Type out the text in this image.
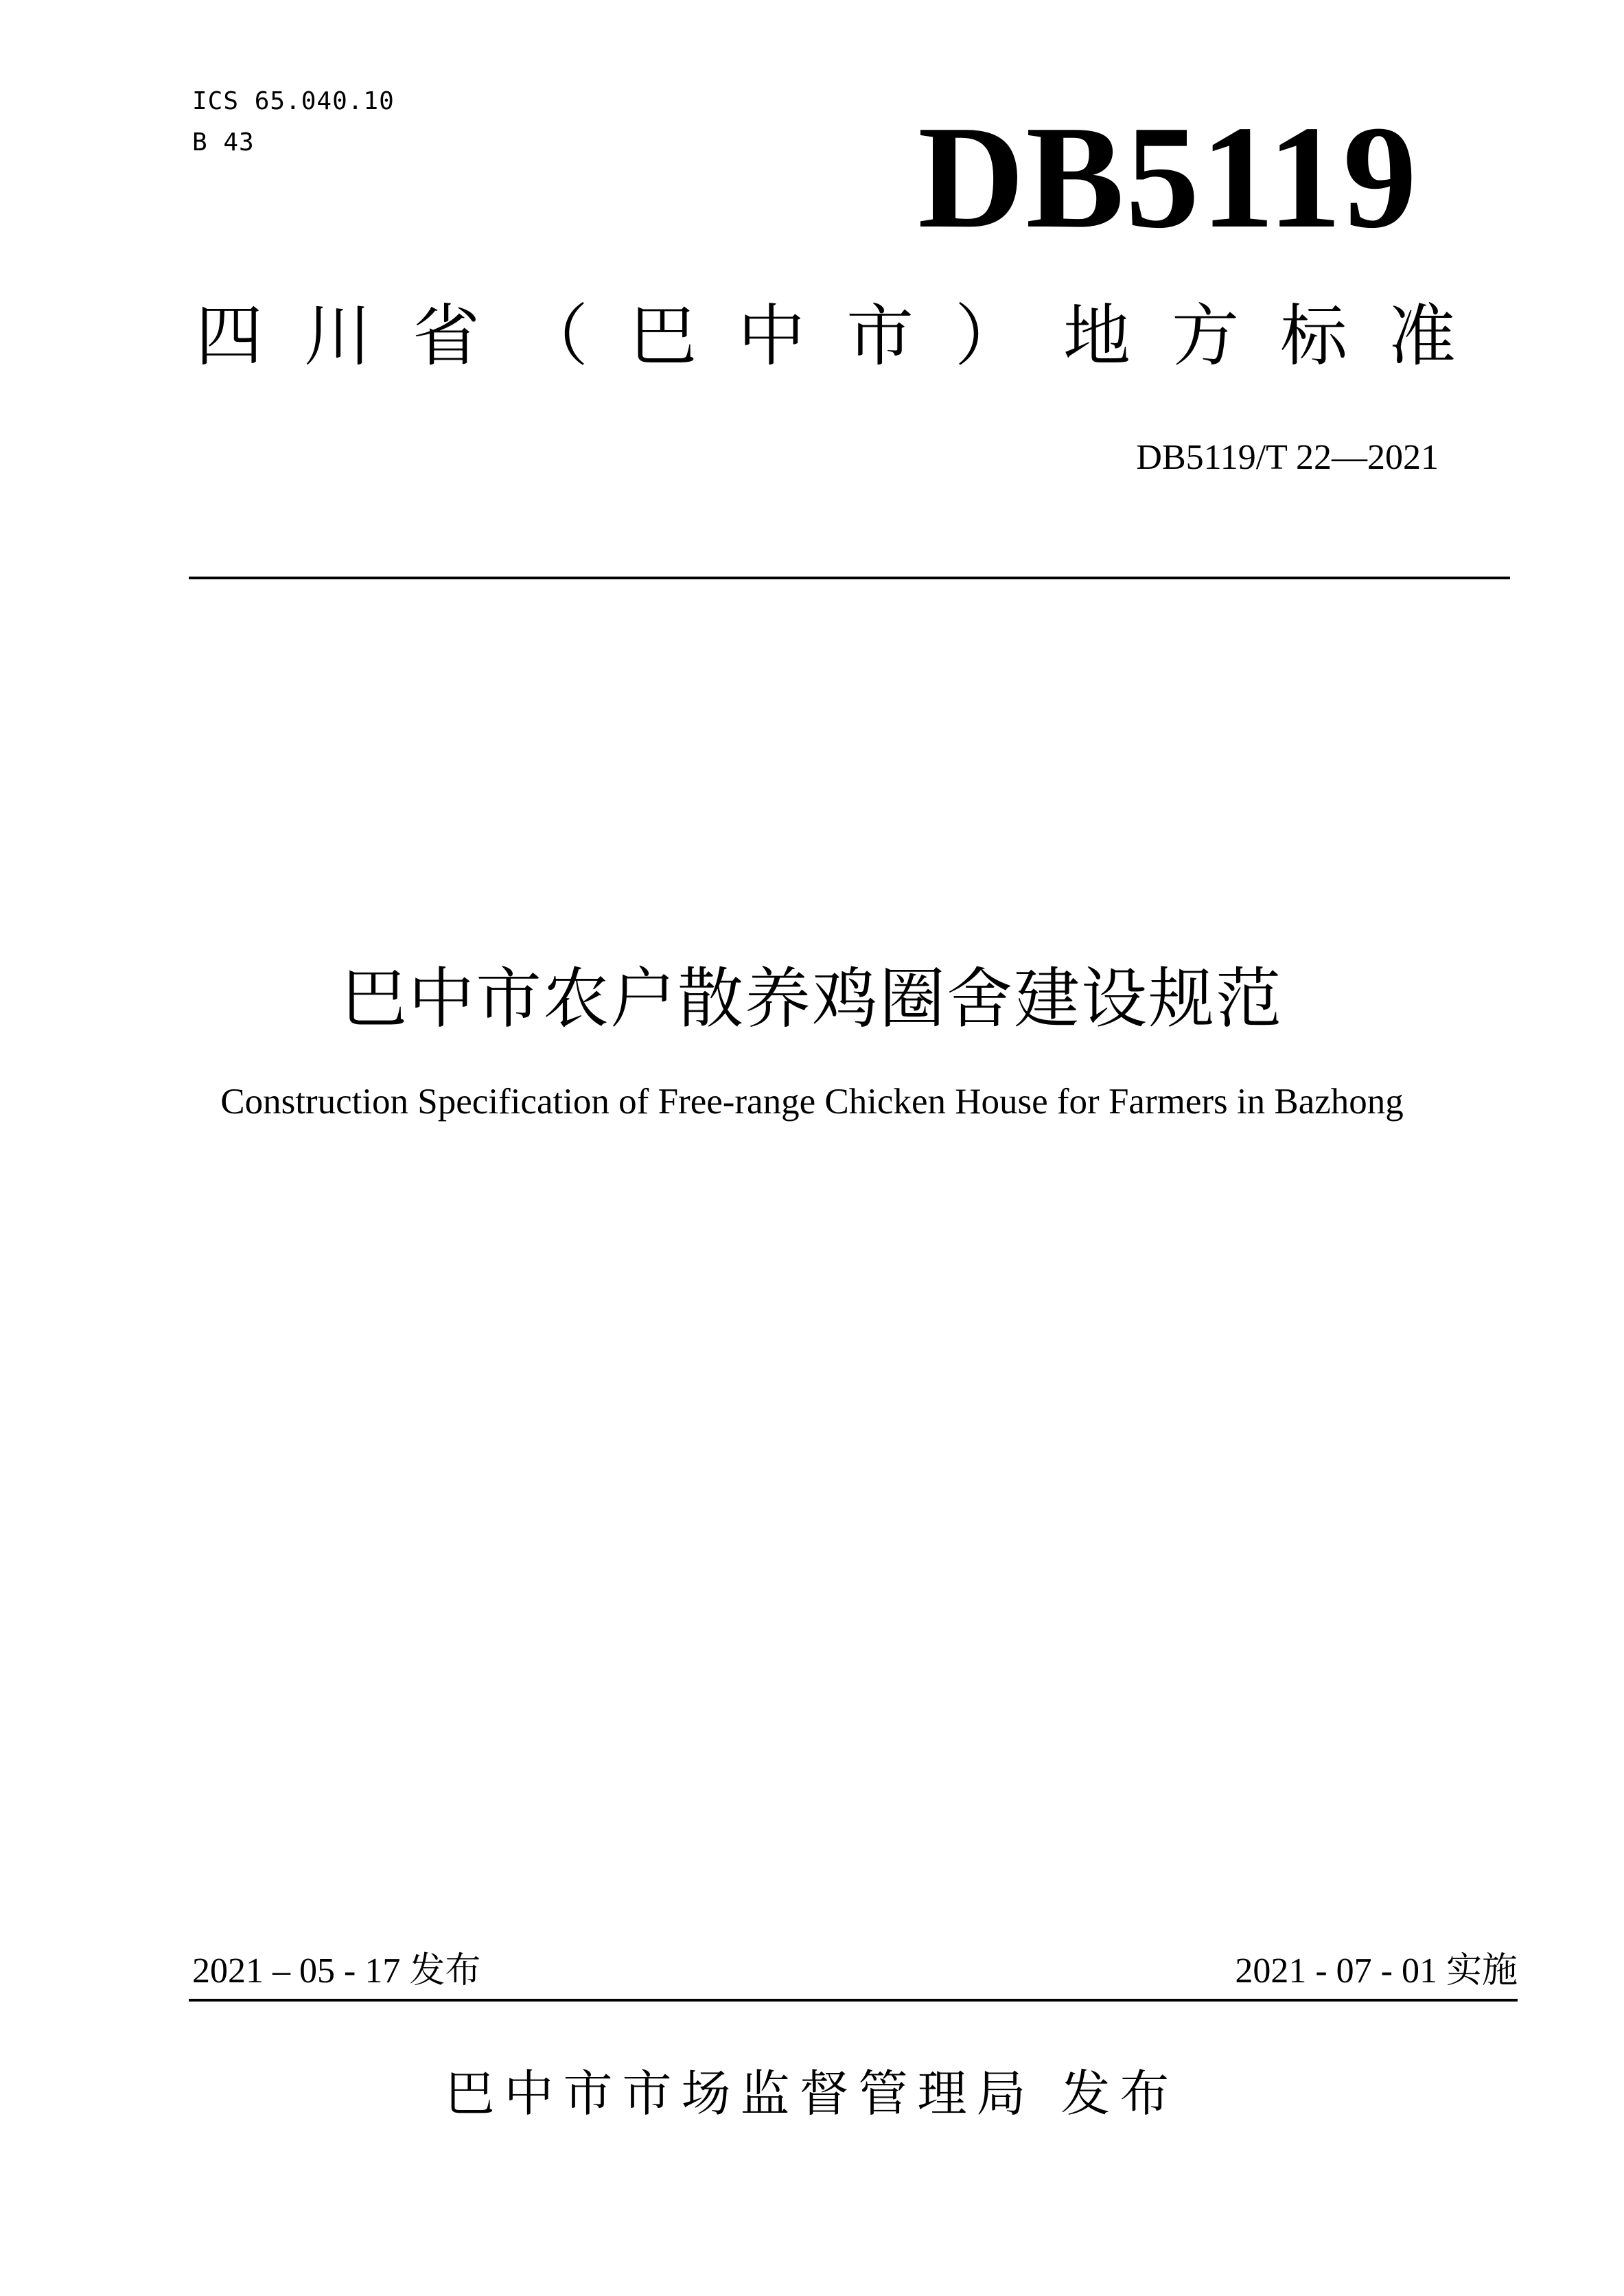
ICS 65.040.10
B 43	DB5119
四川省（巴中市）地方标准
DB5119/T 22—2021
巴中市农户散养鸡圈舍建设规范
Construction Specification of Free-range Chicken House for Farmers in Bazhong
2021 – 05 - 17 发布	2021 - 07 - 01 实施
巴中市市场监督管理局 发布
